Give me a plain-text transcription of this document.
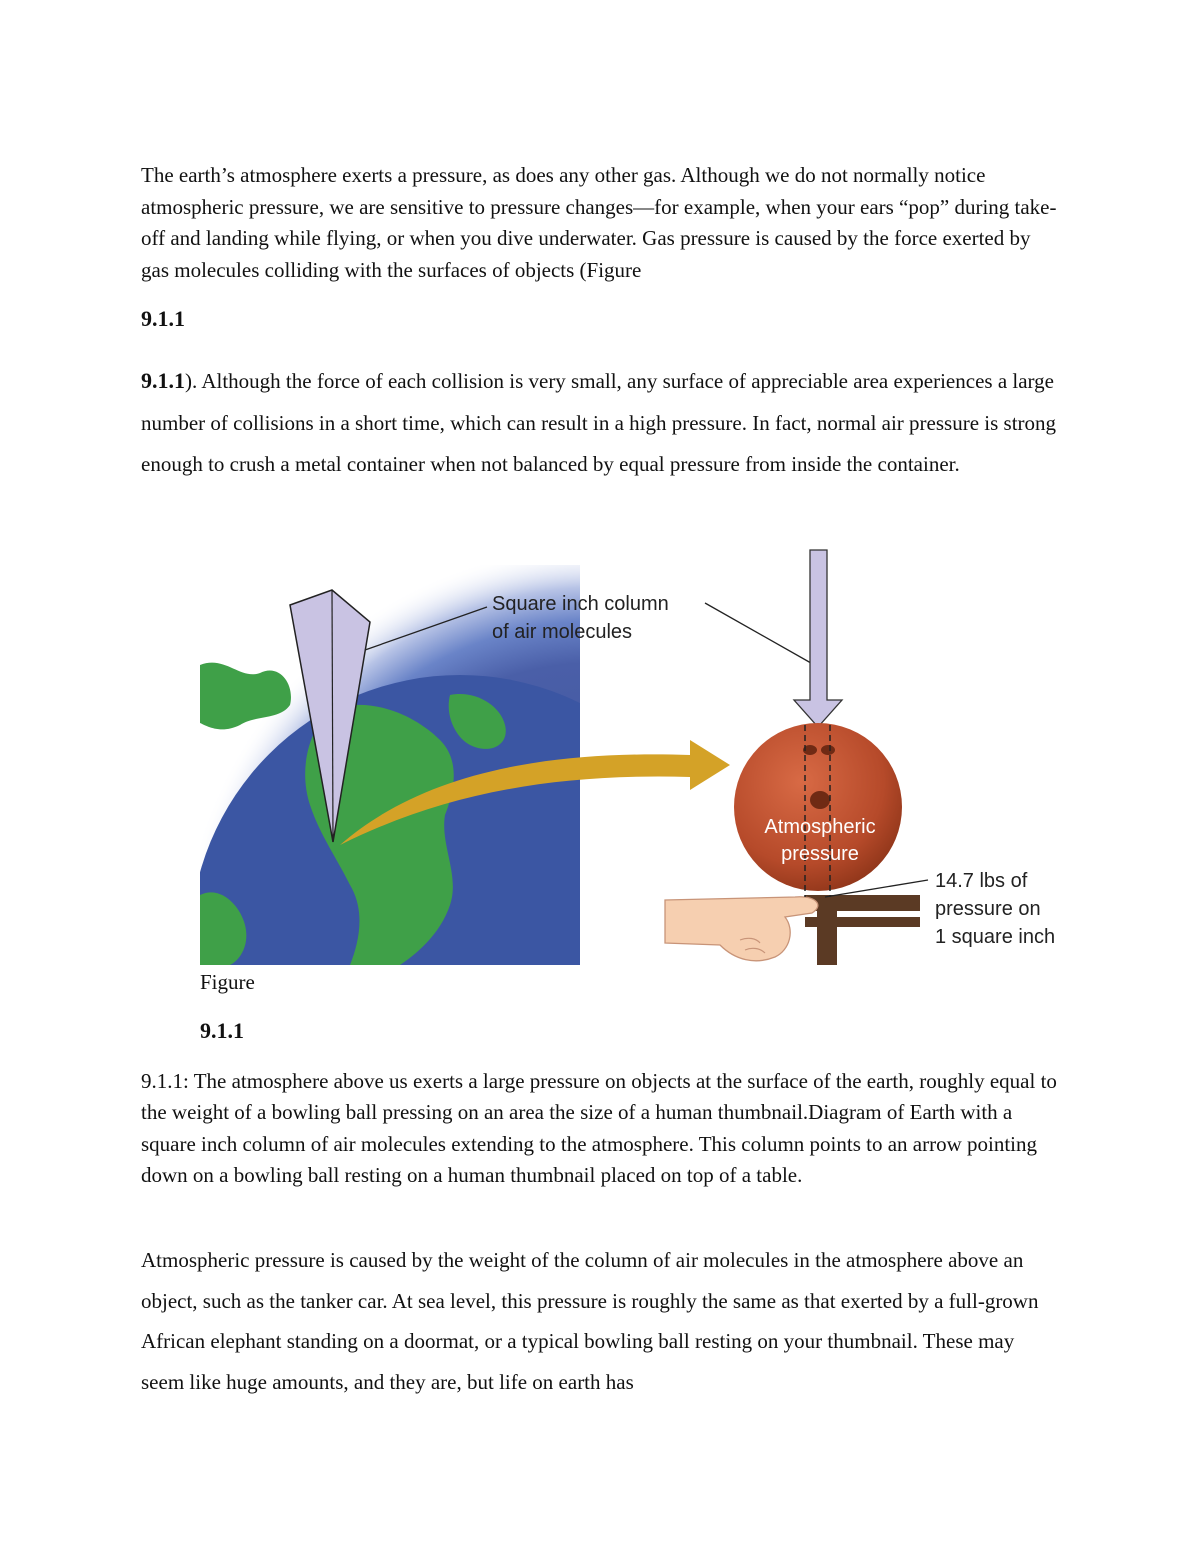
The earth’s atmosphere exerts a pressure, as does any other gas. Although we do not normally notice atmospheric pressure, we are sensitive to pressure changes—for example, when your ears “pop” during take-off and landing while flying, or when you dive underwater. Gas pressure is caused by the force exerted by gas molecules colliding with the surfaces of objects (Figure

9.1.1

9.1.1). Although the force of each collision is very small, any surface of appreciable area experiences a large number of collisions in a short time, which can result in a high pressure. In fact, normal air pressure is strong enough to crush a metal container when not balanced by equal pressure from inside the container.

Square inch column
of air molecules
Atmospheric
pressure
14.7 lbs of
pressure on
1 square inch

Figure

9.1.1

9.1.1: The atmosphere above us exerts a large pressure on objects at the surface of the earth, roughly equal to the weight of a bowling ball pressing on an area the size of a human thumbnail.Diagram of Earth with a square inch column of air molecules extending to the atmosphere. This column points to an arrow pointing down on a bowling ball resting on a human thumbnail placed on top of a table.

Atmospheric pressure is caused by the weight of the column of air molecules in the atmosphere above an object, such as the tanker car. At sea level, this pressure is roughly the same as that exerted by a full-grown African elephant standing on a doormat, or a typical bowling ball resting on your thumbnail. These may seem like huge amounts, and they are, but life on earth has
